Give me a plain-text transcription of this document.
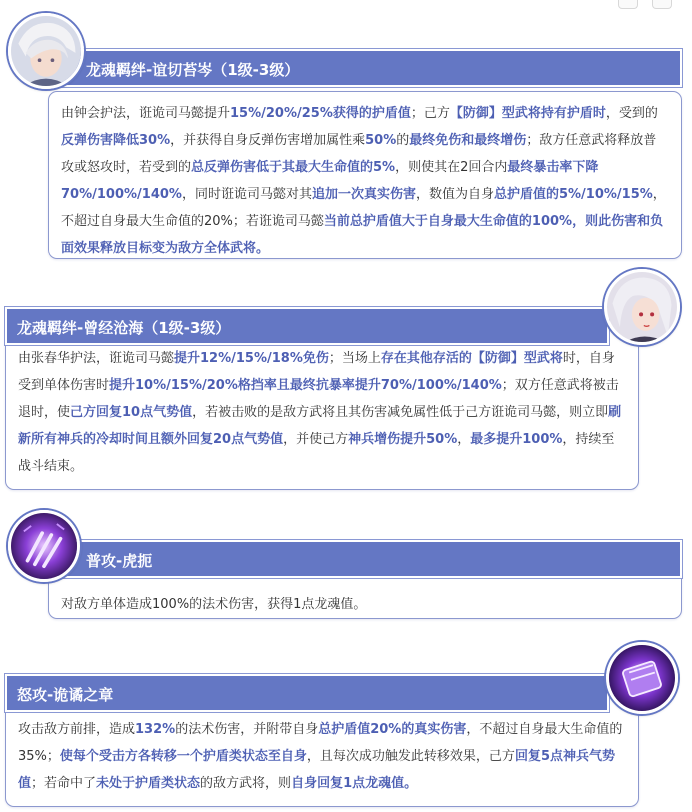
由钟会护法，诳诡司马懿提升15%/20%/25%获得的护盾值；己方【防御】型武将持有护盾时，受到的反弹伤害降低30%，并获得自身反弹伤害增加属性乘50%的最终免伤和最终增伤；敌方任意武将释放普攻或怒攻时，若受到的总反弹伤害低于其最大生命值的5%，则使其在2回合内最终暴击率下降70%/100%/140%，同时诳诡司马懿对其追加一次真实伤害，数值为自身总护盾值的5%/10%/15%，不超过自身最大生命值的20%；若诳诡司马懿当前总护盾值大于自身最大生命值的100%，则此伤害和负面效果释放目标变为敌方全体武将。
龙魂羁绊-谊切苔岑（1级-3级）
由张春华护法，诳诡司马懿提升12%/15%/18%免伤；当场上存在其他存活的【防御】型武将时，自身受到单体伤害时提升10%/15%/20%格挡率且最终抗暴率提升70%/100%/140%；双方任意武将被击退时，使己方回复10点气势值，若被击败的是敌方武将且其伤害减免属性低于己方诳诡司马懿，则立即刷新所有神兵的冷却时间且额外回复20点气势值，并使己方神兵增伤提升50%，最多提升100%，持续至战斗结束。
龙魂羁绊-曾经沧海（1级-3级）
对敌方单体造成100%的法术伤害，获得1点龙魂值。
普攻-虎扼
攻击敌方前排，造成132%的法术伤害，并附带自身总护盾值20%的真实伤害，不超过自身最大生命值的35%；使每个受击方各转移一个护盾类状态至自身，且每次成功触发此转移效果，己方回复5点神兵气势值；若命中了未处于护盾类状态的敌方武将，则自身回复1点龙魂值。
怒攻-诡谲之章
